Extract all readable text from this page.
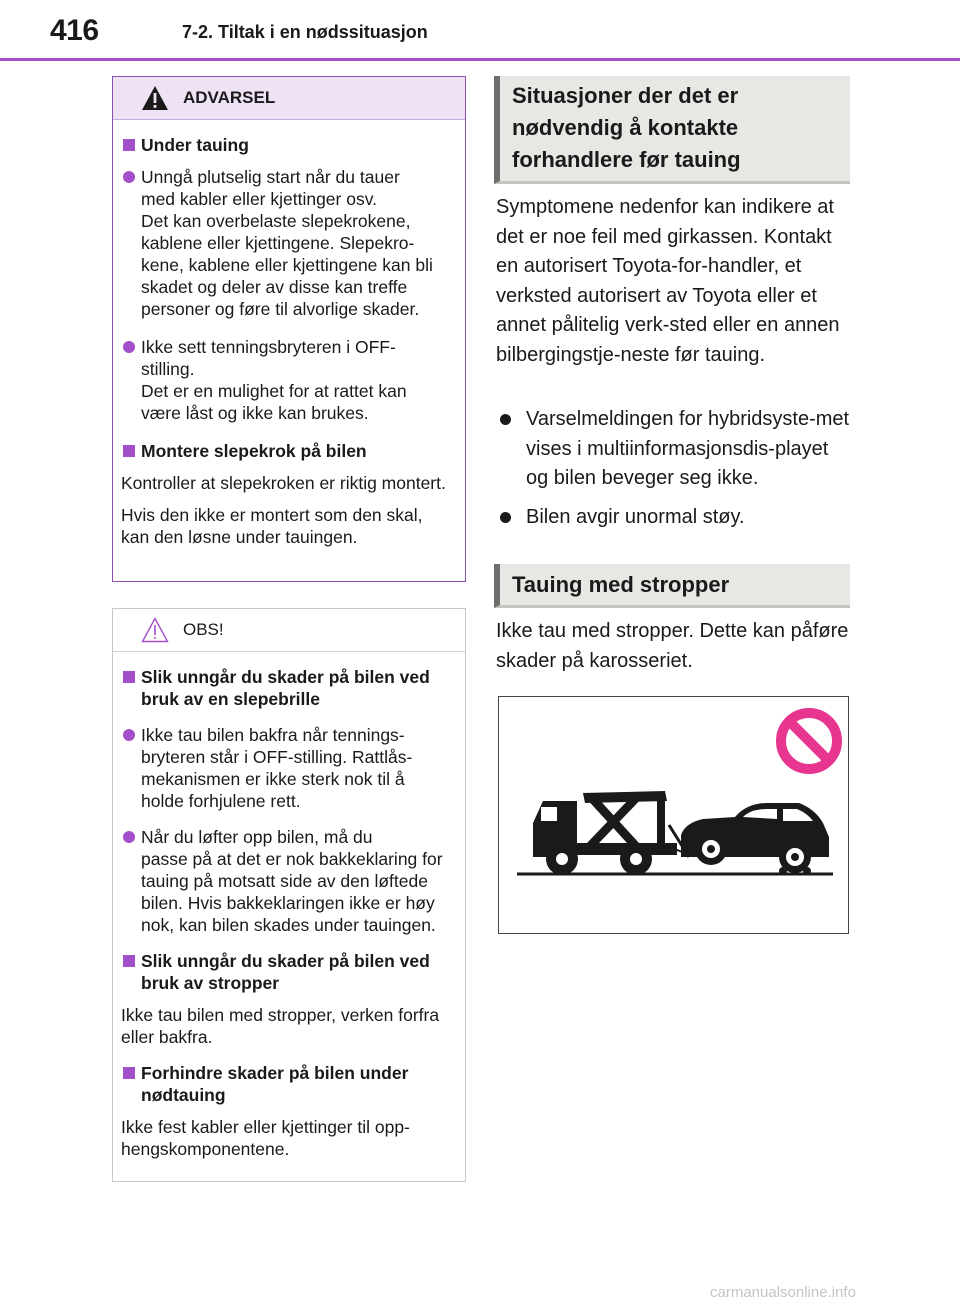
416	7-2. Tiltak i en nødssituasjon
ADVARSEL
Under tauing
Unngå plutselig start når du tauer
med kabler eller kjettinger osv.
Det kan overbelaste slepekrokene, kablene eller kjettingene. Slepekro-kene, kablene eller kjettingene kan bli skadet og deler av disse kan treffe personer og føre til alvorlige skader.
Ikke sett tenningsbryteren i OFF-
stilling.
Det er en mulighet for at rattet kan være låst og ikke kan brukes.
Montere slepekrok på bilen
Kontroller at slepekroken er riktig montert.
Hvis den ikke er montert som den skal, kan den løsne under tauingen.
OBS!
Slik unngår du skader på bilen ved bruk av en slepebrille
Ikke tau bilen bakfra når tennings-
bryteren står i OFF-stilling. Rattlås-mekanismen er ikke sterk nok til å holde forhjulene rett.
Når du løfter opp bilen, må du
passe på at det er nok bakkeklaring for tauing på motsatt side av den løftede bilen. Hvis bakkeklaringen ikke er høy nok, kan bilen skades under tauingen.
Slik unngår du skader på bilen ved bruk av stropper
Ikke tau bilen med stropper, verken forfra eller bakfra.
Forhindre skader på bilen under nødtauing
Ikke fest kabler eller kjettinger til opp-hengskomponentene.
Situasjoner der det er nødvendig å kontakte forhandlere før tauing
Symptomene nedenfor kan indikere at det er noe feil med girkassen. Kontakt en autorisert Toyota-for-handler, et verksted autorisert av Toyota eller et annet pålitelig verk-sted eller en annen bilbergingstje-neste før tauing.
Varselmeldingen for hybridsyste-met vises i multiinformasjonsdis-playet og bilen beveger seg ikke.
Bilen avgir unormal støy.
Tauing med stropper
Ikke tau med stropper. Dette kan påføre skader på karosseriet.
carmanualsonline.info
